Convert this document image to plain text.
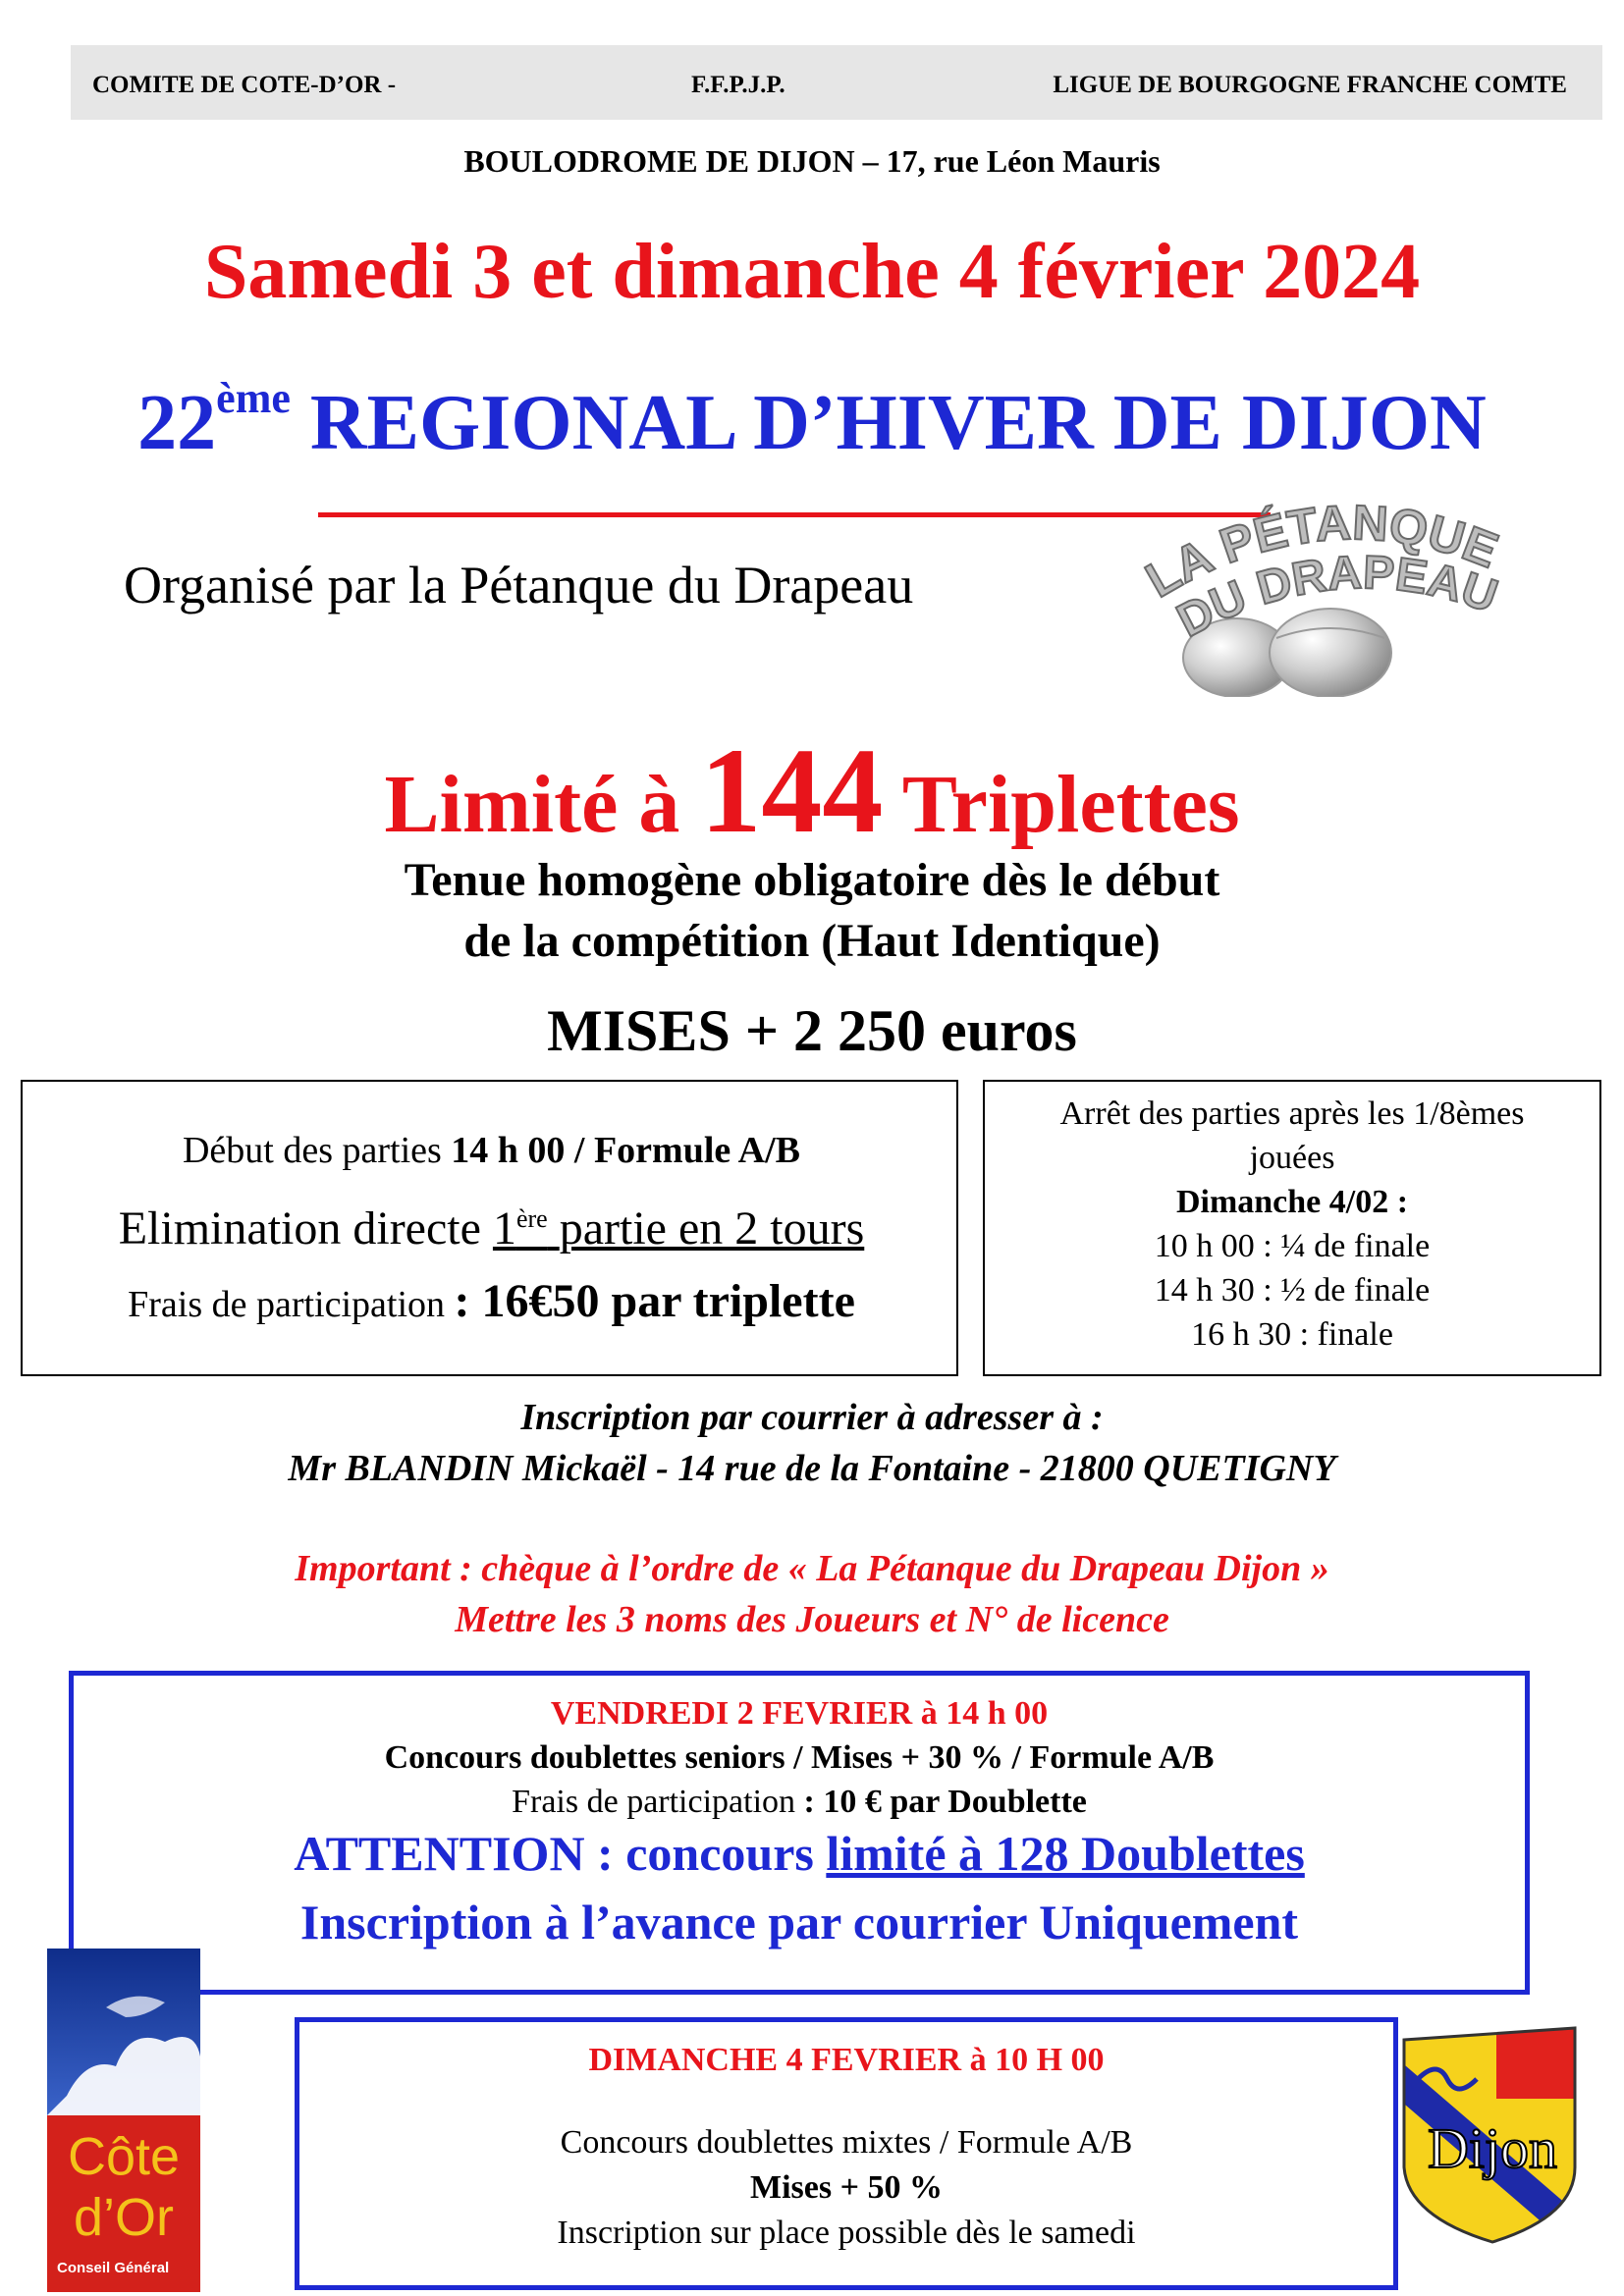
COMITE DE COTE-D’OR -	F.F.P.J.P.	LIGUE DE BOURGOGNE FRANCHE COMTE
BOULODROME DE DIJON – 17, rue Léon Mauris
Samedi 3 et dimanche 4 février 2024
22ème REGIONAL D’HIVER DE DIJON
Organisé par la Pétanque du Drapeau	LA PÉTANQUE
DU DRAPEAU
Limité à 144 Triplettes
Tenue homogène obligatoire dès le début
de la compétition (Haut Identique)
MISES + 2 250 euros
Début des parties 14 h 00 / Formule A/B
Elimination directe 1ère partie en 2 tours
Frais de participation : 16€50 par triplette
Arrêt des parties après les 1/8èmes
jouées
Dimanche 4/02 :
10 h 00 : ¼ de finale
14 h 30 : ½ de finale
16 h 30 : finale
Inscription par courrier à adresser à :
Mr BLANDIN Mickaël - 14 rue de la Fontaine - 21800 QUETIGNY
Important : chèque à l’ordre de « La Pétanque du Drapeau Dijon »
Mettre les 3 noms des Joueurs et N° de licence
VENDREDI 2 FEVRIER à 14 h 00
Concours doublettes seniors / Mises + 30 % / Formule A/B
Frais de participation : 10 € par Doublette
ATTENTION : concours limité à 128 Doublettes
Inscription à l’avance par courrier Uniquement
DIMANCHE 4 FEVRIER à 10 H 00
Concours doublettes mixtes / Formule A/B
Mises + 50 %
Inscription sur place possible dès le samedi
Côte
d’Or
Conseil Général
Dijon
